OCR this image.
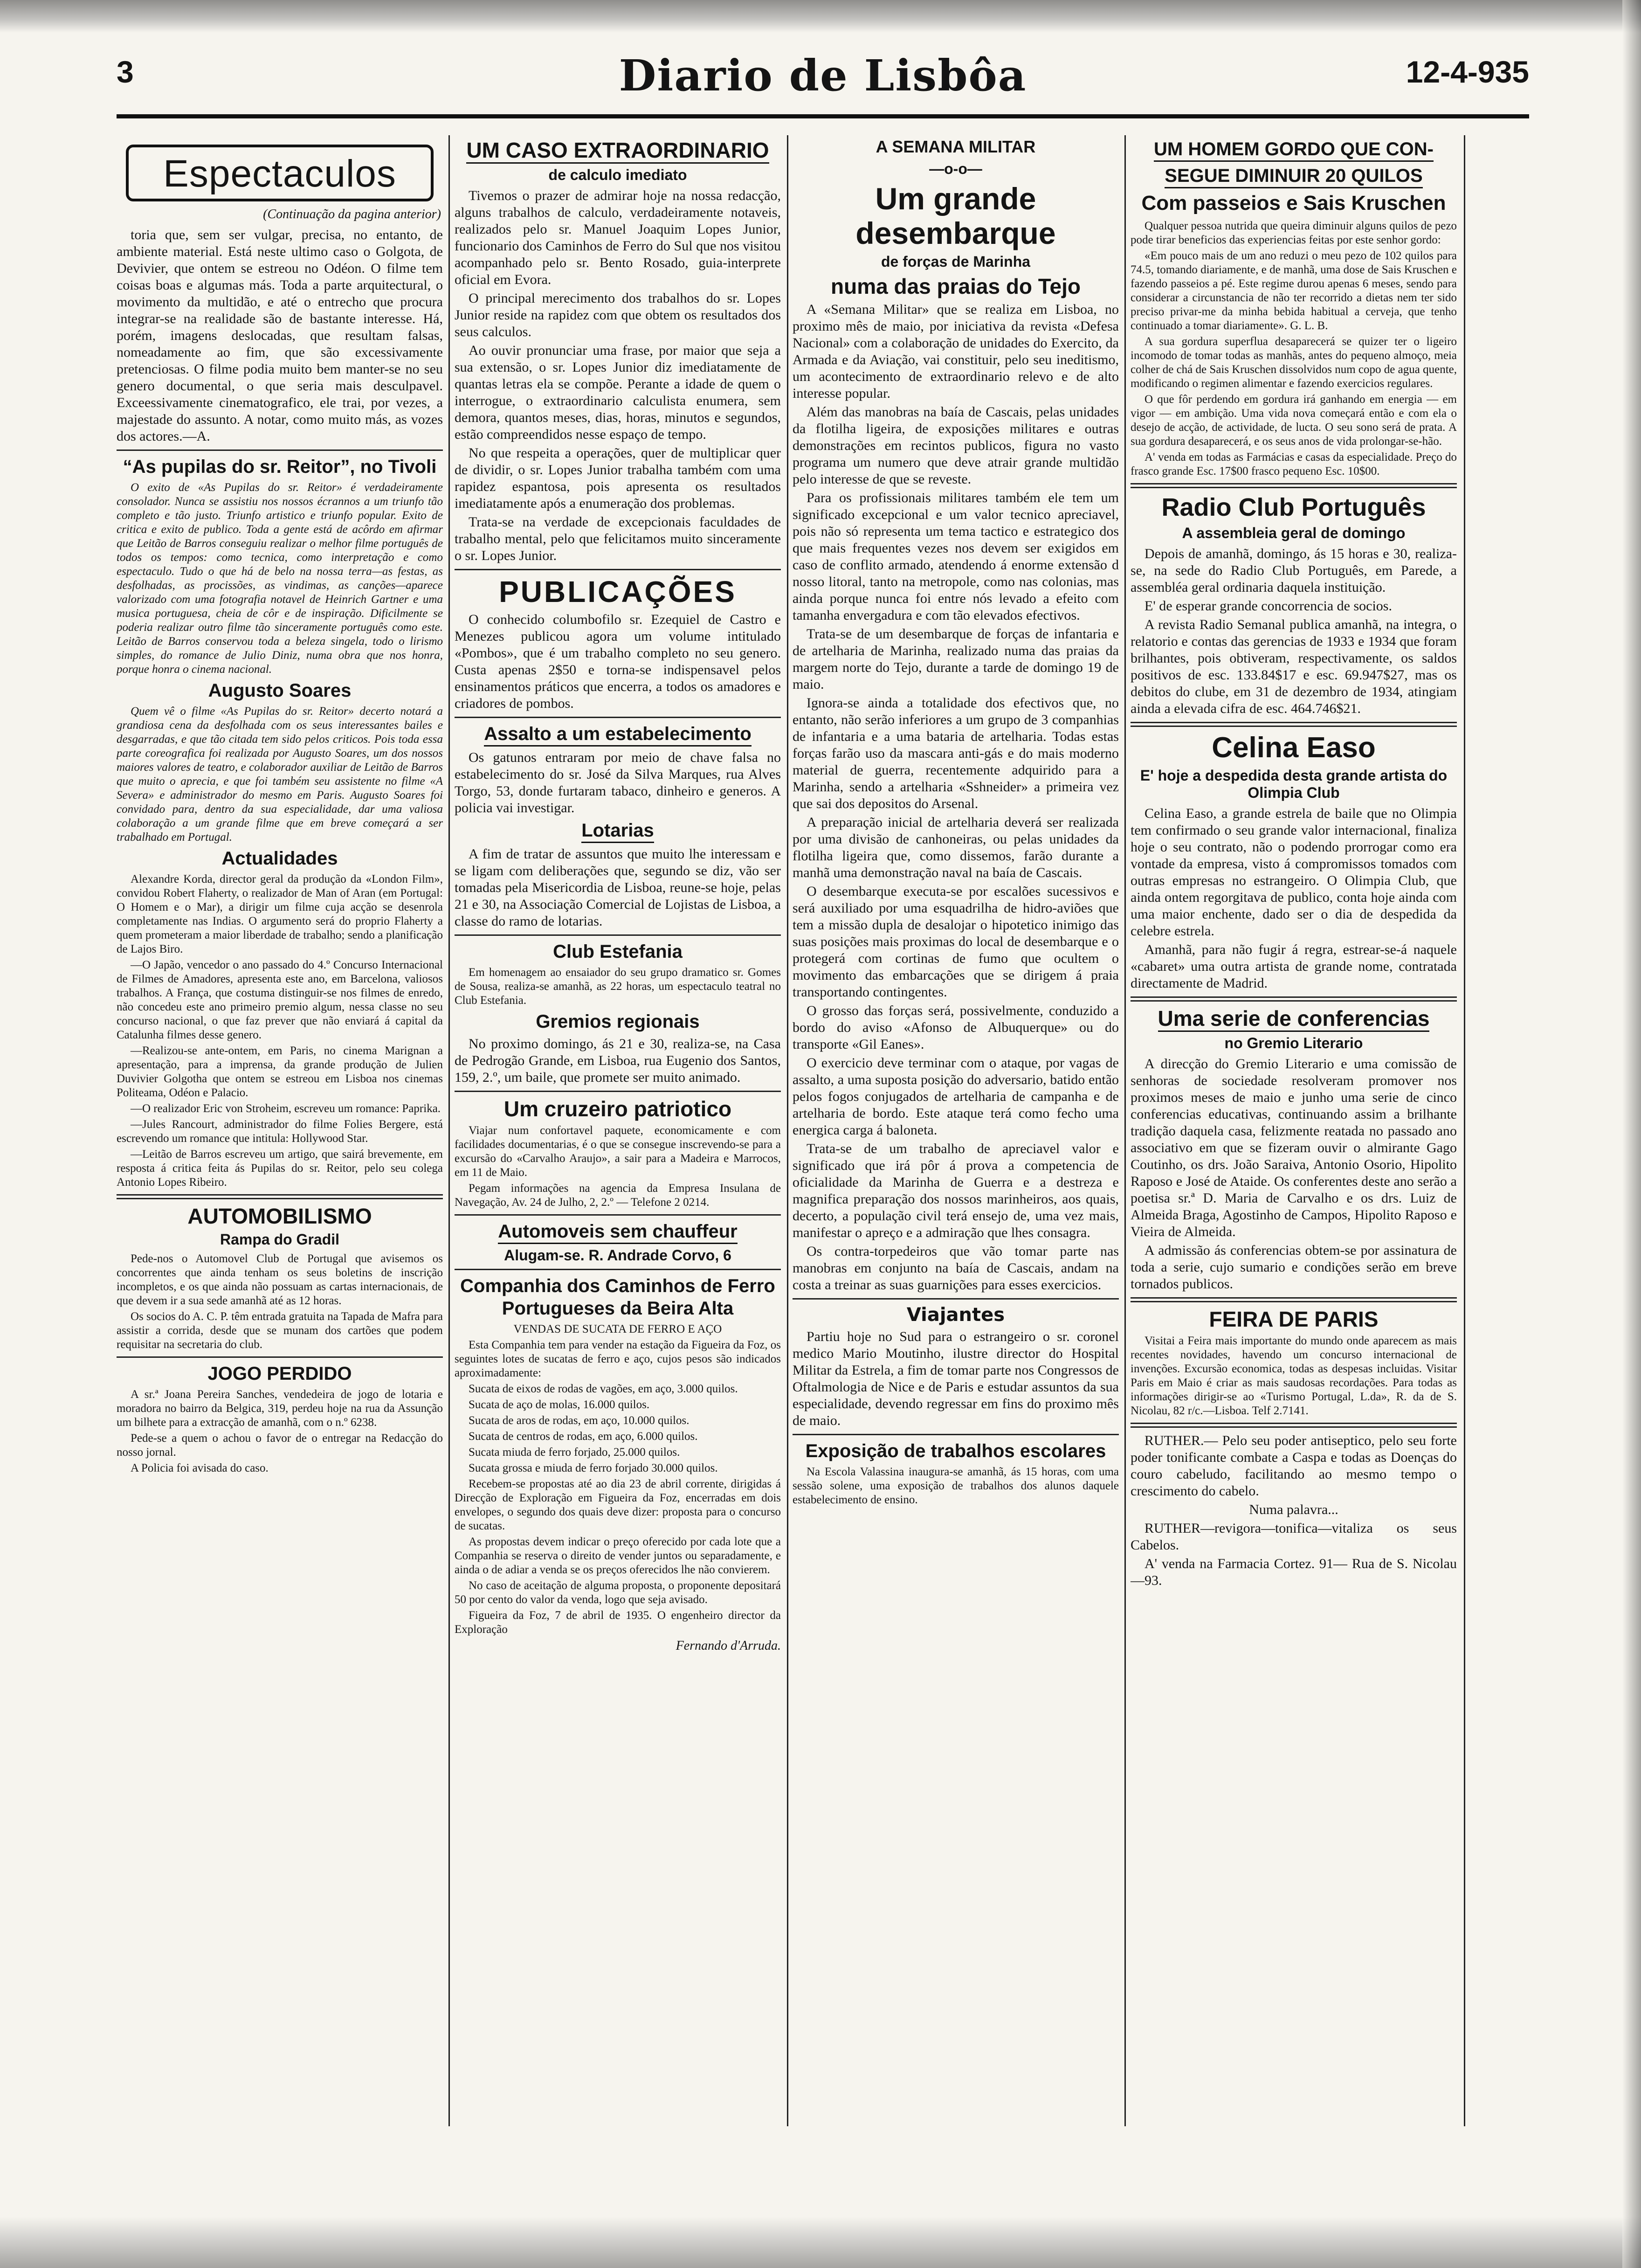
3	Diario de Lisbôa	12-4-935
Espectaculos
(Continuação da pagina anterior)

toria que, sem ser vulgar, precisa, no entanto, de ambiente material. Está neste ultimo caso o Golgota, de Devivier, que ontem se estreou no Odéon. O filme tem coisas boas e algumas más. Toda a parte arquitectural, o movimento da multidão, e até o entrecho que procura integrar-se na realidade são de bastante interesse. Há, porém, imagens deslocadas, que resultam falsas, nomeadamente ao fim, que são excessivamente pretenciosas. O filme podia muito bem manter-se no seu genero documental, o que seria mais desculpavel. Exceessivamente cinematografico, ele trai, por vezes, a majestade do assunto. A notar, como muito más, as vozes dos actores.—A.

“As pupilas do sr. Reitor”, no Tivoli

O exito de «As Pupilas do sr. Reitor» é verdadeiramente consolador. Nunca se assistiu nos nossos écrannos a um triunfo tão completo e tão justo. Triunfo artistico e triunfo popular. Exito de critica e exito de publico. Toda a gente está de acôrdo em afirmar que Leitão de Barros conseguiu realizar o melhor filme português de todos os tempos: como tecnica, como interpretação e como espectaculo. Tudo o que há de belo na nossa terra—as festas, as desfolhadas, as procissões, as vindimas, as canções—aparece valorizado com uma fotografia notavel de Heinrich Gartner e uma musica portuguesa, cheia de côr e de inspiração. Dificilmente se poderia realizar outro filme tão sinceramente português como este. Leitão de Barros conservou toda a beleza singela, todo o lirismo simples, do romance de Julio Diniz, numa obra que nos honra, porque honra o cinema nacional.

Augusto Soares

Quem vê o filme «As Pupilas do sr. Reitor» decerto notará a grandiosa cena da desfolhada com os seus interessantes bailes e desgarradas, e que tão citada tem sido pelos criticos. Pois toda essa parte coreografica foi realizada por Augusto Soares, um dos nossos maiores valores de teatro, e colaborador auxiliar de Leitão de Barros que muito o aprecia, e que foi também seu assistente no filme «A Severa» e administrador do mesmo em Paris. Augusto Soares foi convidado para, dentro da sua especialidade, dar uma valiosa colaboração a um grande filme que em breve começará a ser trabalhado em Portugal.

Actualidades

Alexandre Korda, director geral da produção da «London Film», convidou Robert Flaherty, o realizador de Man of Aran (em Portugal: O Homem e o Mar), a dirigir um filme cuja acção se desenrola completamente nas Indias. O argumento será do proprio Flaherty a quem prometeram a maior liberdade de trabalho; sendo a planificação de Lajos Biro.

—O Japão, vencedor o ano passado do 4.º Concurso Internacional de Filmes de Amadores, apresenta este ano, em Barcelona, valiosos trabalhos. A França, que costuma distinguir-se nos filmes de enredo, não concedeu este ano primeiro premio algum, nessa classe no seu concurso nacional, o que faz prever que não enviará á capital da Catalunha filmes desse genero.

—Realizou-se ante-ontem, em Paris, no cinema Marignan a apresentação, para a imprensa, da grande produção de Julien Duvivier Golgotha que ontem se estreou em Lisboa nos cinemas Politeama, Odéon e Palacio.

—O realizador Eric von Stroheim, escreveu um romance: Paprika.

—Jules Rancourt, administrador do filme Folies Bergere, está escrevendo um romance que intitula: Hollywood Star.

—Leitão de Barros escreveu um artigo, que sairá brevemente, em resposta á critica feita ás Pupilas do sr. Reitor, pelo seu colega Antonio Lopes Ribeiro.

AUTOMOBILISMO
Rampa do Gradil

Pede-nos o Automovel Club de Portugal que avisemos os concorrentes que ainda tenham os seus boletins de inscrição incompletos, e os que ainda não possuam as cartas internacionais, de que devem ir a sua sede amanhã até as 12 horas.

Os socios do A. C. P. têm entrada gratuita na Tapada de Mafra para assistir a corrida, desde que se munam dos cartões que podem requisitar na secretaria do club.

JOGO PERDIDO

A sr.ª Joana Pereira Sanches, vendedeira de jogo de lotaria e moradora no bairro da Belgica, 319, perdeu hoje na rua da Assunção um bilhete para a extracção de amanhã, com o n.º 6238.

Pede-se a quem o achou o favor de o entregar na Redacção do nosso jornal.

A Policia foi avisada do caso.

UM CASO EXTRAORDINARIO
de calculo imediato

Tivemos o prazer de admirar hoje na nossa redacção, alguns trabalhos de calculo, verdadeiramente notaveis, realizados pelo sr. Manuel Joaquim Lopes Junior, funcionario dos Caminhos de Ferro do Sul que nos visitou acompanhado pelo sr. Bento Rosado, guia-interprete oficial em Evora.

O principal merecimento dos trabalhos do sr. Lopes Junior reside na rapidez com que obtem os resultados dos seus calculos.

Ao ouvir pronunciar uma frase, por maior que seja a sua extensão, o sr. Lopes Junior diz imediatamente de quantas letras ela se compõe. Perante a idade de quem o interrogue, o extraordinario calculista enumera, sem demora, quantos meses, dias, horas, minutos e segundos, estão compreendidos nesse espaço de tempo.

No que respeita a operações, quer de multiplicar quer de dividir, o sr. Lopes Junior trabalha também com uma rapidez espantosa, pois apresenta os resultados imediatamente após a enumeração dos problemas.

Trata-se na verdade de excepcionais faculdades de trabalho mental, pelo que felicitamos muito sinceramente o sr. Lopes Junior.

PUBLICAÇÕES

O conhecido columbofilo sr. Ezequiel de Castro e Menezes publicou agora um volume intitulado «Pombos», que é um trabalho completo no seu genero. Custa apenas 2$50 e torna-se indispensavel pelos ensinamentos práticos que encerra, a todos os amadores e criadores de pombos.

Assalto a um estabelecimento

Os gatunos entraram por meio de chave falsa no estabelecimento do sr. José da Silva Marques, rua Alves Torgo, 53, donde furtaram tabaco, dinheiro e generos. A policia vai investigar.

Lotarias

A fim de tratar de assuntos que muito lhe interessam e se ligam com deliberações que, segundo se diz, vão ser tomadas pela Misericordia de Lisboa, reune-se hoje, pelas 21 e 30, na Associação Comercial de Lojistas de Lisboa, a classe do ramo de lotarias.

Club Estefania

Em homenagem ao ensaiador do seu grupo dramatico sr. Gomes de Sousa, realiza-se amanhã, as 22 horas, um espectaculo teatral no Club Estefania.

Gremios regionais

No proximo domingo, ás 21 e 30, realiza-se, na Casa de Pedrogão Grande, em Lisboa, rua Eugenio dos Santos, 159, 2.º, um baile, que promete ser muito animado.

Um cruzeiro patriotico

Viajar num confortavel paquete, economicamente e com facilidades documentarias, é o que se consegue inscrevendo-se para a excursão do «Carvalho Araujo», a sair para a Madeira e Marrocos, em 11 de Maio.

Pegam informações na agencia da Empresa Insulana de Navegação, Av. 24 de Julho, 2, 2.º — Telefone 2 0214.

Automoveis sem chauffeur
Alugam-se. R. Andrade Corvo, 6
Companhia dos Caminhos de Ferro Portugueses da Beira Alta

VENDAS DE SUCATA DE FERRO E AÇO

Esta Companhia tem para vender na estação da Figueira da Foz, os seguintes lotes de sucatas de ferro e aço, cujos pesos são indicados aproximadamente:

Sucata de eixos de rodas de vagões, em aço, 3.000 quilos.

Sucata de aço de molas, 16.000 quilos.

Sucata de aros de rodas, em aço, 10.000 quilos.

Sucata de centros de rodas, em aço, 6.000 quilos.

Sucata miuda de ferro forjado, 25.000 quilos.

Sucata grossa e miuda de ferro forjado 30.000 quilos.

Recebem-se propostas até ao dia 23 de abril corrente, dirigidas á Direcção de Exploração em Figueira da Foz, encerradas em dois envelopes, o segundo dos quais deve dizer: proposta para o concurso de sucatas.

As propostas devem indicar o preço oferecido por cada lote que a Companhia se reserva o direito de vender juntos ou separadamente, e ainda o de adiar a venda se os preços oferecidos lhe não convierem.

No caso de aceitação de alguma proposta, o proponente depositará 50 por cento do valor da venda, logo que seja avisado.

Figueira da Foz, 7 de abril de 1935. O engenheiro director da Exploração

Fernando d'Arruda.
A SEMANA MILITAR
—o-o—
Um grande desembarque
de forças de Marinha
numa das praias do Tejo

A «Semana Militar» que se realiza em Lisboa, no proximo mês de maio, por iniciativa da revista «Defesa Nacional» com a colaboração de unidades do Exercito, da Armada e da Aviação, vai constituir, pelo seu ineditismo, um acontecimento de extraordinario relevo e de alto interesse popular.

Além das manobras na baía de Cascais, pelas unidades da flotilha ligeira, de exposições militares e outras demonstrações em recintos publicos, figura no vasto programa um numero que deve atrair grande multidão pelo interesse de que se reveste.

Para os profissionais militares também ele tem um significado excepcional e um valor tecnico apreciavel, pois não só representa um tema tactico e estrategico dos que mais frequentes vezes nos devem ser exigidos em caso de conflito armado, atendendo á enorme extensão d nosso litoral, tanto na metropole, como nas colonias, mas ainda porque nunca foi entre nós levado a efeito com tamanha envergadura e com tão elevados efectivos.

Trata-se de um desembarque de forças de infantaria e de artelharia de Marinha, realizado numa das praias da margem norte do Tejo, durante a tarde de domingo 19 de maio.

Ignora-se ainda a totalidade dos efectivos que, no entanto, não serão inferiores a um grupo de 3 companhias de infantaria e a uma bataria de artelharia. Todas estas forças farão uso da mascara anti-gás e do mais moderno material de guerra, recentemente adquirido para a Marinha, sendo a artelharia «Sshneider» a primeira vez que sai dos depositos do Arsenal.

A preparação inicial de artelharia deverá ser realizada por uma divisão de canhoneiras, ou pelas unidades da flotilha ligeira que, como dissemos, farão durante a manhã uma demonstração naval na baía de Cascais.

O desembarque executa-se por escalões sucessivos e será auxiliado por uma esquadrilha de hidro-aviões que tem a missão dupla de desalojar o hipotetico inimigo das suas posições mais proximas do local de desembarque e o protegerá com cortinas de fumo que ocultem o movimento das embarcações que se dirigem á praia transportando contingentes.

O grosso das forças será, possivelmente, conduzido a bordo do aviso «Afonso de Albuquerque» ou do transporte «Gil Eanes».

O exercicio deve terminar com o ataque, por vagas de assalto, a uma suposta posição do adversario, batido então pelos fogos conjugados de artelharia de campanha e de artelharia de bordo. Este ataque terá como fecho uma energica carga á baloneta.

Trata-se de um trabalho de apreciavel valor e significado que irá pôr á prova a competencia de oficialidade da Marinha de Guerra e a destreza e magnifica preparação dos nossos marinheiros, aos quais, decerto, a população civil terá ensejo de, uma vez mais, manifestar o apreço e a admiração que lhes consagra.

Os contra-torpedeiros que vão tomar parte nas manobras em conjunto na baía de Cascais, andam na costa a treinar as suas guarnições para esses exercicios.

Viajantes

Partiu hoje no Sud para o estrangeiro o sr. coronel medico Mario Moutinho, ilustre director do Hospital Militar da Estrela, a fim de tomar parte nos Congressos de Oftalmologia de Nice e de Paris e estudar assuntos da sua especialidade, devendo regressar em fins do proximo mês de maio.

Exposição de trabalhos escolares

Na Escola Valassina inaugura-se amanhã, ás 15 horas, com uma sessão solene, uma exposição de trabalhos dos alunos daquele estabelecimento de ensino.

UM HOMEM GORDO QUE CON-
SEGUE DIMINUIR 20 QUILOS
Com passeios e Sais Kruschen

Qualquer pessoa nutrida que queira diminuir alguns quilos de pezo pode tirar beneficios das experiencias feitas por este senhor gordo:

«Em pouco mais de um ano reduzi o meu pezo de 102 quilos para 74.5, tomando diariamente, e de manhã, uma dose de Sais Kruschen e fazendo passeios a pé. Este regime durou apenas 6 meses, sendo para considerar a circunstancia de não ter recorrido a dietas nem ter sido preciso privar-me da minha bebida habitual a cerveja, que tenho continuado a tomar diariamente». G. L. B.

A sua gordura superflua desaparecerá se quizer ter o ligeiro incomodo de tomar todas as manhãs, antes do pequeno almoço, meia colher de chá de Sais Kruschen dissolvidos num copo de agua quente, modificando o regimen alimentar e fazendo exercicios regulares.

O que fôr perdendo em gordura irá ganhando em energia — em vigor — em ambição. Uma vida nova começará então e com ela o desejo de acção, de actividade, de lucta. O seu sono será de prata. A sua gordura desaparecerá, e os seus anos de vida prolongar-se-hão.

A' venda em todas as Farmácias e casas da especialidade. Preço do frasco grande Esc. 17$00 frasco pequeno Esc. 10$00.

Radio Club Português
A assembleia geral de domingo

Depois de amanhã, domingo, ás 15 horas e 30, realiza-se, na sede do Radio Club Português, em Parede, a assembléa geral ordinaria daquela instituição.

E' de esperar grande concorrencia de socios.

A revista Radio Semanal publica amanhã, na integra, o relatorio e contas das gerencias de 1933 e 1934 que foram brilhantes, pois obtiveram, respectivamente, os saldos positivos de esc. 133.84$17 e esc. 69.947$27, mas os debitos do clube, em 31 de dezembro de 1934, atingiam ainda a elevada cifra de esc. 464.746$21.

Celina Easo
E' hoje a despedida desta grande artista do Olimpia Club

Celina Easo, a grande estrela de baile que no Olimpia tem confirmado o seu grande valor internacional, finaliza hoje o seu contrato, não o podendo prorrogar como era vontade da empresa, visto á compromissos tomados com outras empresas no estrangeiro. O Olimpia Club, que ainda ontem regorgitava de publico, conta hoje ainda com uma maior enchente, dado ser o dia de despedida da celebre estrela.

Amanhã, para não fugir á regra, estrear-se-á naquele «cabaret» uma outra artista de grande nome, contratada directamente de Madrid.

Uma serie de conferencias
no Gremio Literario

A direcção do Gremio Literario e uma comissão de senhoras de sociedade resolveram promover nos proximos meses de maio e junho uma serie de cinco conferencias educativas, continuando assim a brilhante tradição daquela casa, felizmente reatada no passado ano associativo em que se fizeram ouvir o almirante Gago Coutinho, os drs. João Saraiva, Antonio Osorio, Hipolito Raposo e José de Ataide. Os conferentes deste ano serão a poetisa sr.ª D. Maria de Carvalho e os drs. Luiz de Almeida Braga, Agostinho de Campos, Hipolito Raposo e Vieira de Almeida.

A admissão ás conferencias obtem-se por assinatura de toda a serie, cujo sumario e condições serão em breve tornados publicos.

FEIRA DE PARIS

Visitai a Feira mais importante do mundo onde aparecem as mais recentes novidades, havendo um concurso internacional de invenções. Excursão economica, todas as despesas incluidas. Visitar Paris em Maio é criar as mais saudosas recordações. Para todas as informações dirigir-se ao «Turismo Portugal, L.da», R. da de S. Nicolau, 82 r/c.—Lisboa. Telf 2.7141.

RUTHER.— Pelo seu poder antiseptico, pelo seu forte poder tonificante combate a Caspa e todas as Doenças do couro cabeludo, facilitando ao mesmo tempo o crescimento do cabelo.

Numa palavra...

RUTHER—revigora—tonifica—vitaliza os seus Cabelos.

A' venda na Farmacia Cortez. 91— Rua de S. Nicolau—93.
